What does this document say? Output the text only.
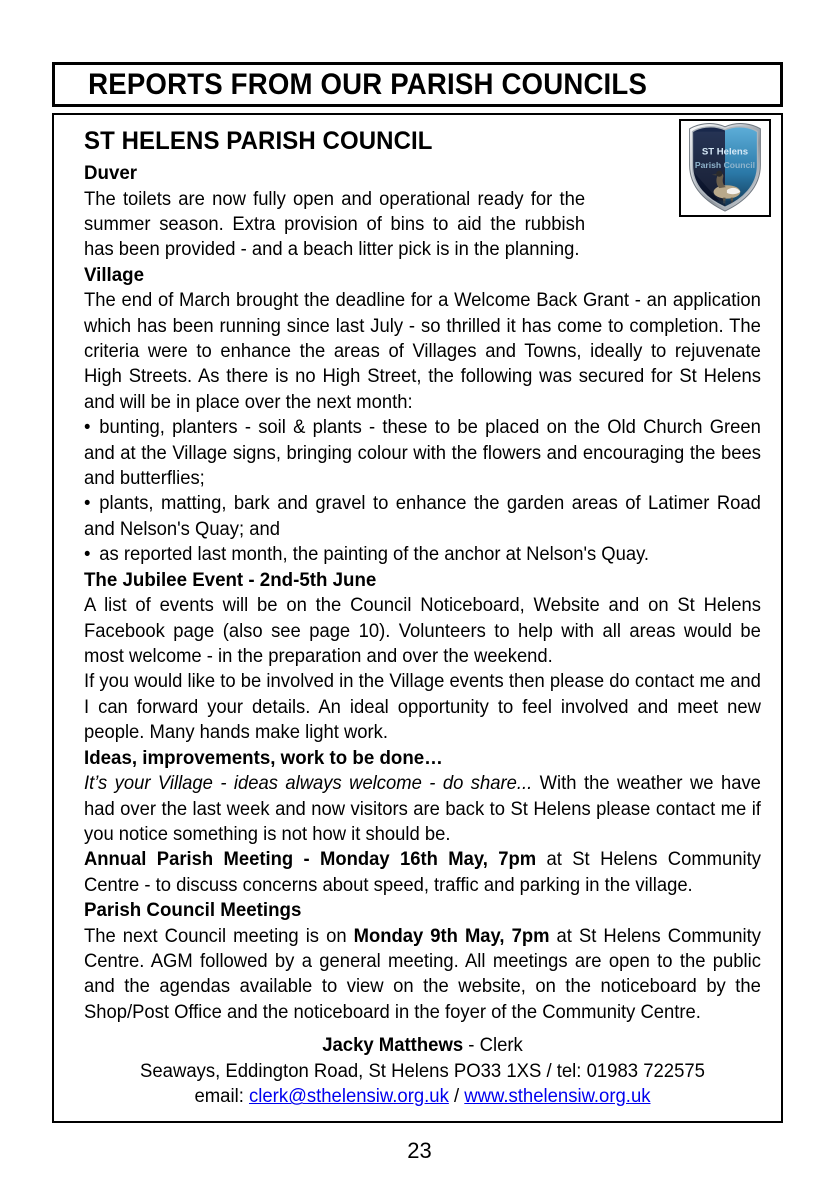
REPORTS FROM OUR PARISH COUNCILS
ST Helens
Parish Council
ST HELENS PARISH COUNCIL
Duver

The toilets are now fully open and operational ready for the summer season. Extra provision of bins to aid the rubbish has been provided - and a beach litter pick is in the planning.

Village

The end of March brought the deadline for a Welcome Back Grant - an application which has been running since last July - so thrilled it has come to completion. The criteria were to enhance the areas of Villages and Towns, ideally to rejuvenate High Streets. As there is no High Street, the following was secured for St Helens and will be in place over the next month:

• bunting, planters - soil & plants - these to be placed on the Old Church Green and at the Village signs, bringing colour with the flowers and encouraging the bees and butterflies;

• plants, matting, bark and gravel to enhance the garden areas of Latimer Road and Nelson's Quay; and

• as reported last month, the painting of the anchor at Nelson's Quay.

The Jubilee Event - 2nd-5th June

A list of events will be on the Council Noticeboard, Website and on St Helens Facebook page (also see page 10). Volunteers to help with all areas would be most welcome - in the preparation and over the weekend.

If you would like to be involved in the Village events then please do contact me and I can forward your details. An ideal opportunity to feel involved and meet new people. Many hands make light work.

Ideas, improvements, work to be done…

It’s your Village - ideas always welcome - do share... With the weather we have had over the last week and now visitors are back to St Helens please contact me if you notice something is not how it should be.

Annual Parish Meeting - Monday 16th May, 7pm at St Helens Community Centre - to discuss concerns about speed, traffic and parking in the village.

Parish Council Meetings

The next Council meeting is on Monday 9th May, 7pm at St Helens Community Centre. AGM followed by a general meeting. All meetings are open to the public and the agendas available to view on the website, on the noticeboard by the Shop/Post Office and the noticeboard in the foyer of the Community Centre.

Jacky Matthews - Clerk
Seaways, Eddington Road, St Helens PO33 1XS / tel: 01983 722575
email: clerk@sthelensiw.org.uk / www.sthelensiw.org.uk
23
